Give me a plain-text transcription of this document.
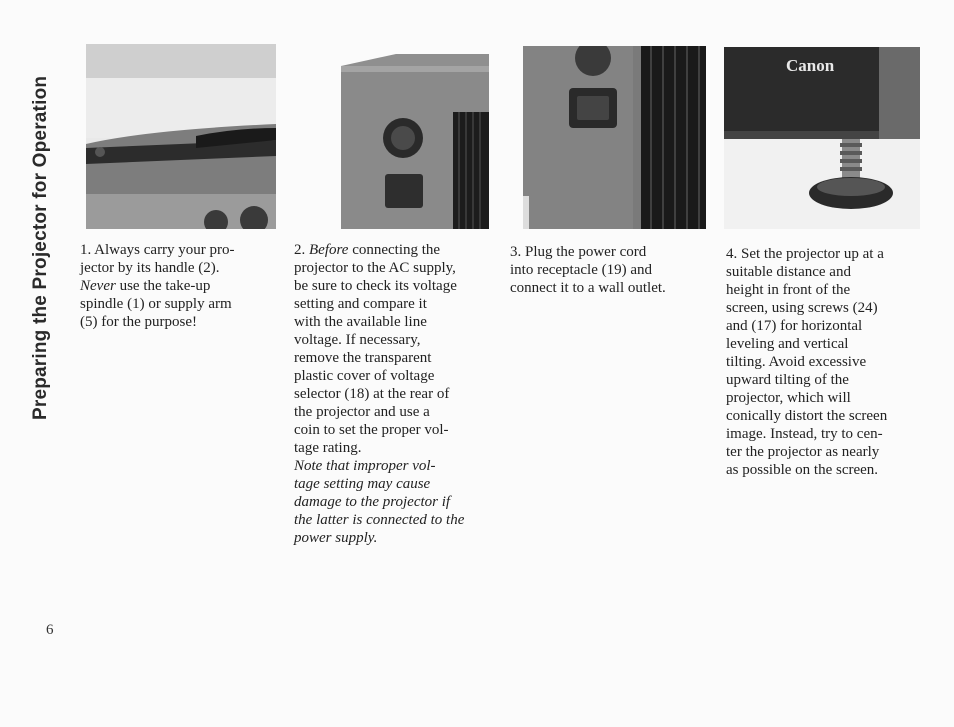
Preparing the Projector for Operation
Canon

1. Always carry your pro-

jector by its handle (2).

Never use the take-up

spindle (1) or supply arm

(5) for the purpose!

2. Before connecting the

projector to the AC supply,

be sure to check its voltage

setting and compare it

with the available line

voltage. If necessary,

remove the transparent

plastic cover of voltage

selector (18) at the rear of

the projector and use a

coin to set the proper vol-

tage rating.

Note that improper vol-

tage setting may cause

damage to the projector if

the latter is connected to the

power supply.

3. Plug the power cord

into receptacle (19) and

connect it to a wall outlet.

4. Set the projector up at a

suitable distance and

height in front of the

screen, using screws (24)

and (17) for horizontal

leveling and vertical

tilting. Avoid excessive

upward tilting of the

projector, which will

conically distort the screen

image. Instead, try to cen-

ter the projector as nearly

as possible on the screen.

6
